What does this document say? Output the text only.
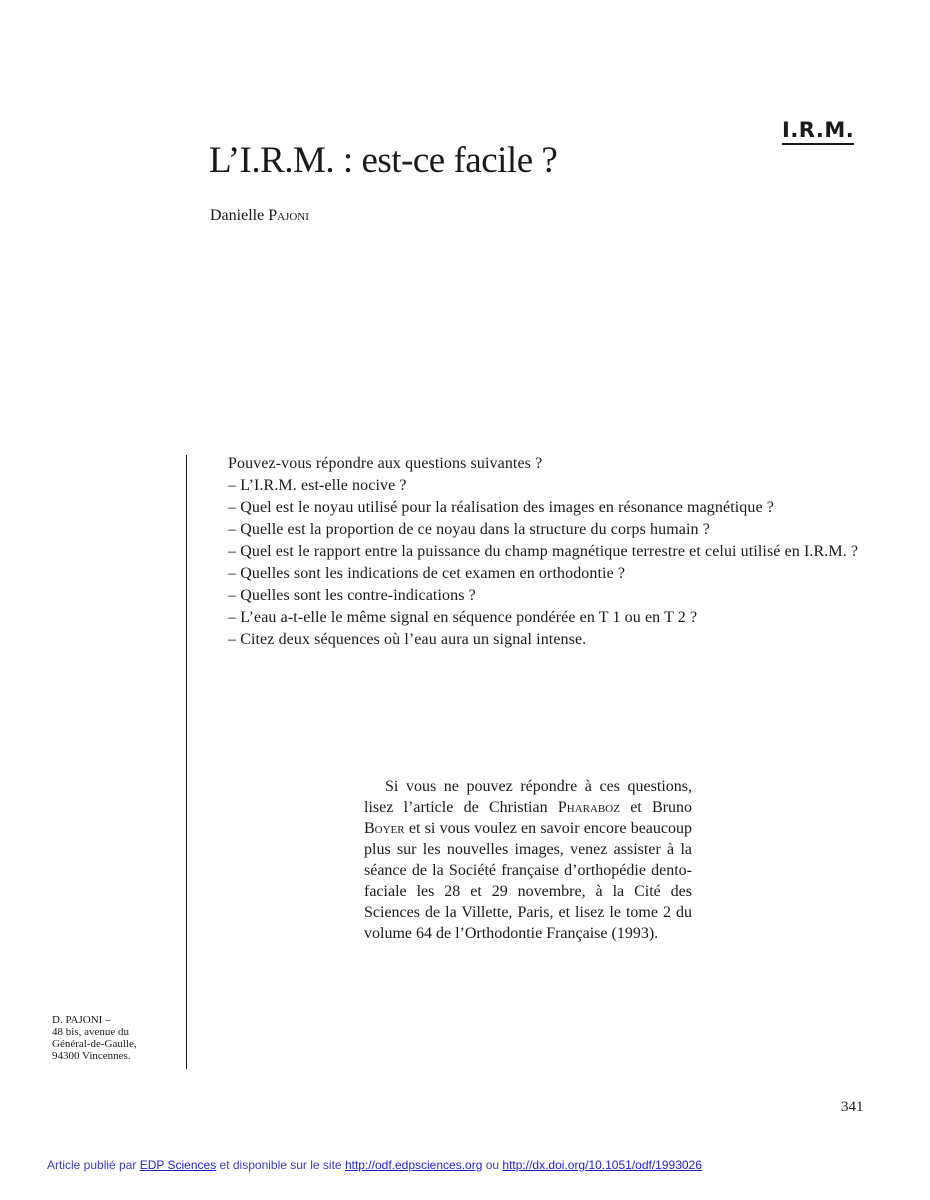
I.R.M.
L’I.R.M. : est-ce facile ?
Danielle Pajoni

Pouvez-vous répondre aux questions suivantes ?

– L’I.R.M. est-elle nocive ?

– Quel est le noyau utilisé pour la réalisation des images en résonance magnétique ?

– Quelle est la proportion de ce noyau dans la structure du corps humain ?

– Quel est le rapport entre la puissance du champ magnétique terrestre et celui utilisé en I.R.M. ?

– Quelles sont les indications de cet examen en orthodontie ?

– Quelles sont les contre-indications ?

– L’eau a-t-elle le même signal en séquence pondérée en T 1 ou en T 2 ?

– Citez deux séquences où l’eau aura un signal intense.

Si vous ne pouvez répondre à ces questions, lisez l’article de Christian Pharaboz et Bruno Boyer et si vous voulez en savoir encore beaucoup plus sur les nouvelles images, venez assister à la séance de la Société française d’orthopédie dento-faciale les 28 et 29 novembre, à la Cité des Sciences de la Villette, Paris, et lisez le tome 2 du volume 64 de l’Orthodontie Française (1993).

D. PAJONI –
48 bis, avenue du
Général-de-Gaulle,
94300 Vincennes.
341
Article publié par EDP Sciences et disponible sur le site http://odf.edpsciences.org ou http://dx.doi.org/10.1051/odf/1993026
